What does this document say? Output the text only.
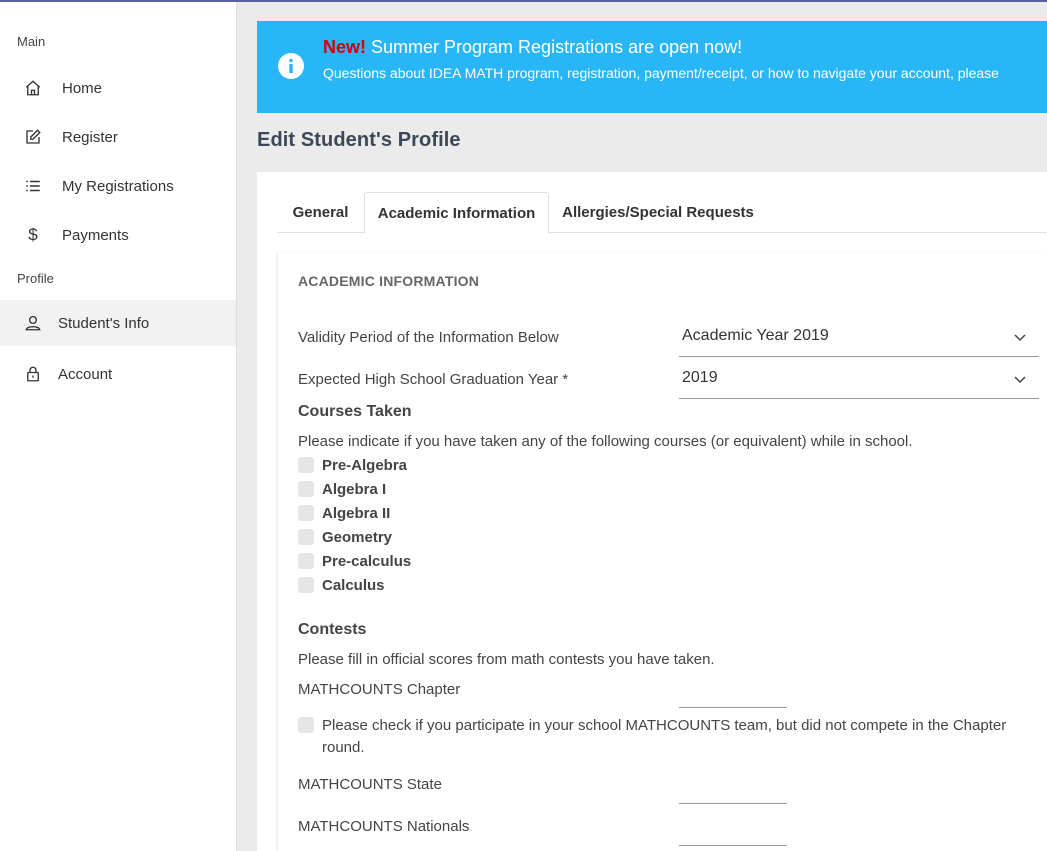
Main
Home
Register
My Registrations
$	Payments
Profile
Student's Info
Account
New! Summer Program Registrations are open now!
Questions about IDEA MATH program, registration, payment/receipt, or how to navigate your account, please
Edit Student's Profile
General	Academic Information	Allergies/Special Requests
ACADEMIC INFORMATION
Validity Period of the Information Below	Academic Year 2019
Expected High School Graduation Year *	2019
Courses Taken
Please indicate if you have taken any of the following courses (or equivalent) while in school.
Pre-Algebra
Algebra I
Algebra II
Geometry
Pre-calculus
Calculus
Contests
Please fill in official scores from math contests you have taken.
MATHCOUNTS Chapter
Please check if you participate in your school MATHCOUNTS team, but did not compete in the Chapter round.
MATHCOUNTS State
MATHCOUNTS Nationals
